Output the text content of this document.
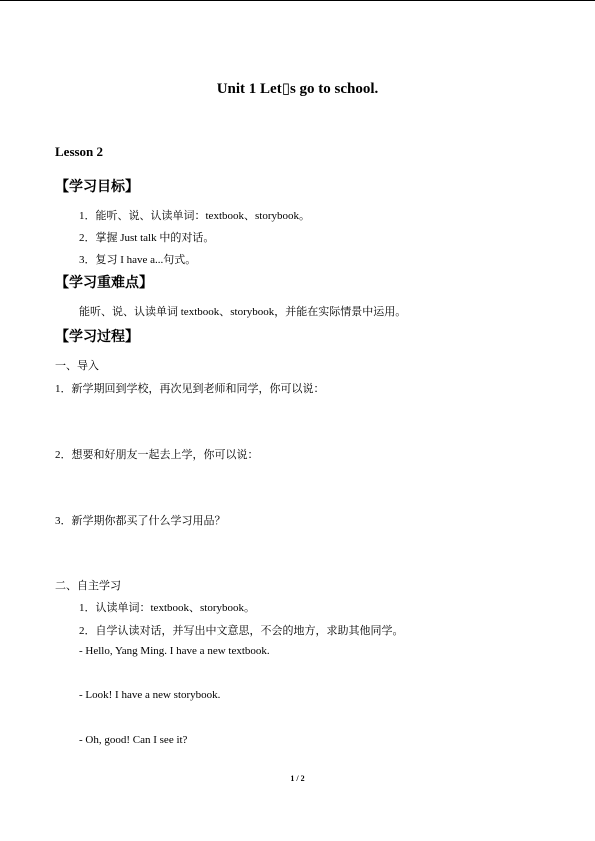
Unit 1 Let▯s go to school.
Lesson 2
【学习目标】
1．能听、说、认读单词：textbook、storybook。
2．掌握 Just talk 中的对话。
3．复习 I have a...句式。
【学习重难点】
能听、说、认读单词 textbook、storybook，并能在实际情景中运用。
【学习过程】
一、导入
1．新学期回到学校，再次见到老师和同学，你可以说：
2．想要和好朋友一起去上学，你可以说：
3．新学期你都买了什么学习用品？
二、自主学习
1．认读单词：textbook、storybook。
2．自学认读对话，并写出中文意思，不会的地方，求助其他同学。
- Hello, Yang Ming. I have a new textbook.
- Look! I have a new storybook.
- Oh, good! Can I see it?
1 / 2
